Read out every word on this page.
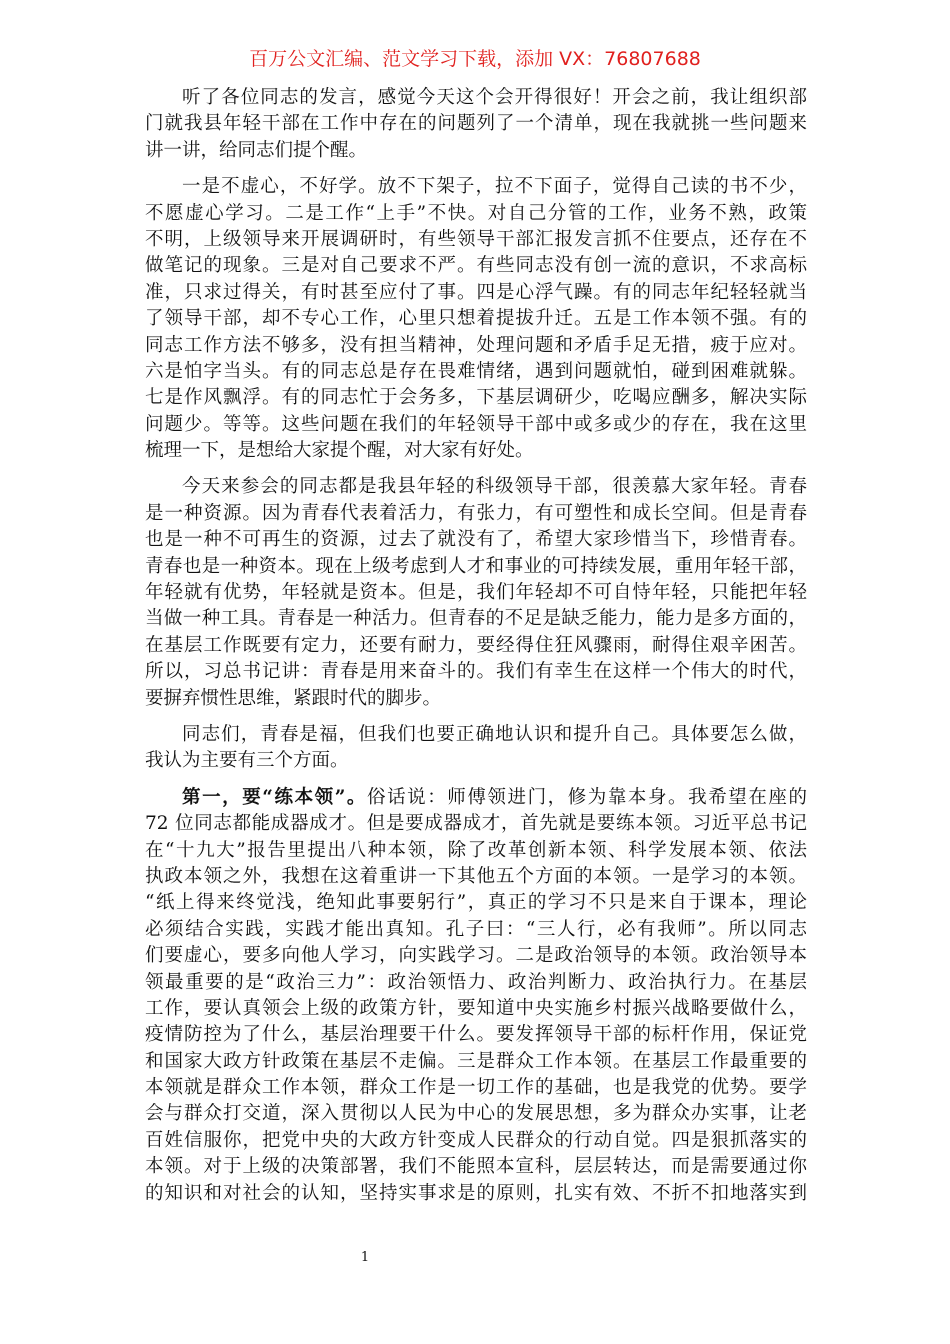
百万公文汇编、范文学习下载，添加 VX：76807688
听了各位同志的发言，感觉今天这个会开得很好！开会之前，我让组织部
门就我县年轻干部在工作中存在的问题列了一个清单，现在我就挑一些问题来
讲一讲，给同志们提个醒。
一是不虚心，不好学。放不下架子，拉不下面子，觉得自己读的书不少，
不愿虚心学习。二是工作“上手”不快。对自己分管的工作，业务不熟，政策
不明，上级领导来开展调研时，有些领导干部汇报发言抓不住要点，还存在不
做笔记的现象。三是对自己要求不严。有些同志没有创一流的意识，不求高标
准，只求过得关，有时甚至应付了事。四是心浮气躁。有的同志年纪轻轻就当
了领导干部，却不专心工作，心里只想着提拔升迁。五是工作本领不强。有的
同志工作方法不够多，没有担当精神，处理问题和矛盾手足无措，疲于应对。
六是怕字当头。有的同志总是存在畏难情绪，遇到问题就怕，碰到困难就躲。
七是作风飘浮。有的同志忙于会务多，下基层调研少，吃喝应酬多，解决实际
问题少。等等。这些问题在我们的年轻领导干部中或多或少的存在，我在这里
梳理一下，是想给大家提个醒，对大家有好处。
今天来参会的同志都是我县年轻的科级领导干部，很羡慕大家年轻。青春
是一种资源。因为青春代表着活力，有张力，有可塑性和成长空间。但是青春
也是一种不可再生的资源，过去了就没有了，希望大家珍惜当下，珍惜青春。
青春也是一种资本。现在上级考虑到人才和事业的可持续发展，重用年轻干部，
年轻就有优势，年轻就是资本。但是，我们年轻却不可自恃年轻，只能把年轻
当做一种工具。青春是一种活力。但青春的不足是缺乏能力，能力是多方面的，
在基层工作既要有定力，还要有耐力，要经得住狂风骤雨，耐得住艰辛困苦。
所以，习总书记讲：青春是用来奋斗的。我们有幸生在这样一个伟大的时代，
要摒弃惯性思维，紧跟时代的脚步。
同志们，青春是福，但我们也要正确地认识和提升自己。具体要怎么做，
我认为主要有三个方面。
第一，要“练本领”。俗话说：师傅领进门，修为靠本身。我希望在座的
72 位同志都能成器成才。但是要成器成才，首先就是要练本领。习近平总书记
在“十九大”报告里提出八种本领，除了改革创新本领、科学发展本领、依法
执政本领之外，我想在这着重讲一下其他五个方面的本领。一是学习的本领。
“纸上得来终觉浅，绝知此事要躬行”，真正的学习不只是来自于课本，理论
必须结合实践，实践才能出真知。孔子曰：“三人行，必有我师”。所以同志
们要虚心，要多向他人学习，向实践学习。二是政治领导的本领。政治领导本
领最重要的是“政治三力”：政治领悟力、政治判断力、政治执行力。在基层
工作，要认真领会上级的政策方针，要知道中央实施乡村振兴战略要做什么，
疫情防控为了什么，基层治理要干什么。要发挥领导干部的标杆作用，保证党
和国家大政方针政策在基层不走偏。三是群众工作本领。在基层工作最重要的
本领就是群众工作本领，群众工作是一切工作的基础，也是我党的优势。要学
会与群众打交道，深入贯彻以人民为中心的发展思想，多为群众办实事，让老
百姓信服你，把党中央的大政方针变成人民群众的行动自觉。四是狠抓落实的
本领。对于上级的决策部署，我们不能照本宣科，层层转达，而是需要通过你
的知识和对社会的认知，坚持实事求是的原则，扎实有效、不折不扣地落实到
1
